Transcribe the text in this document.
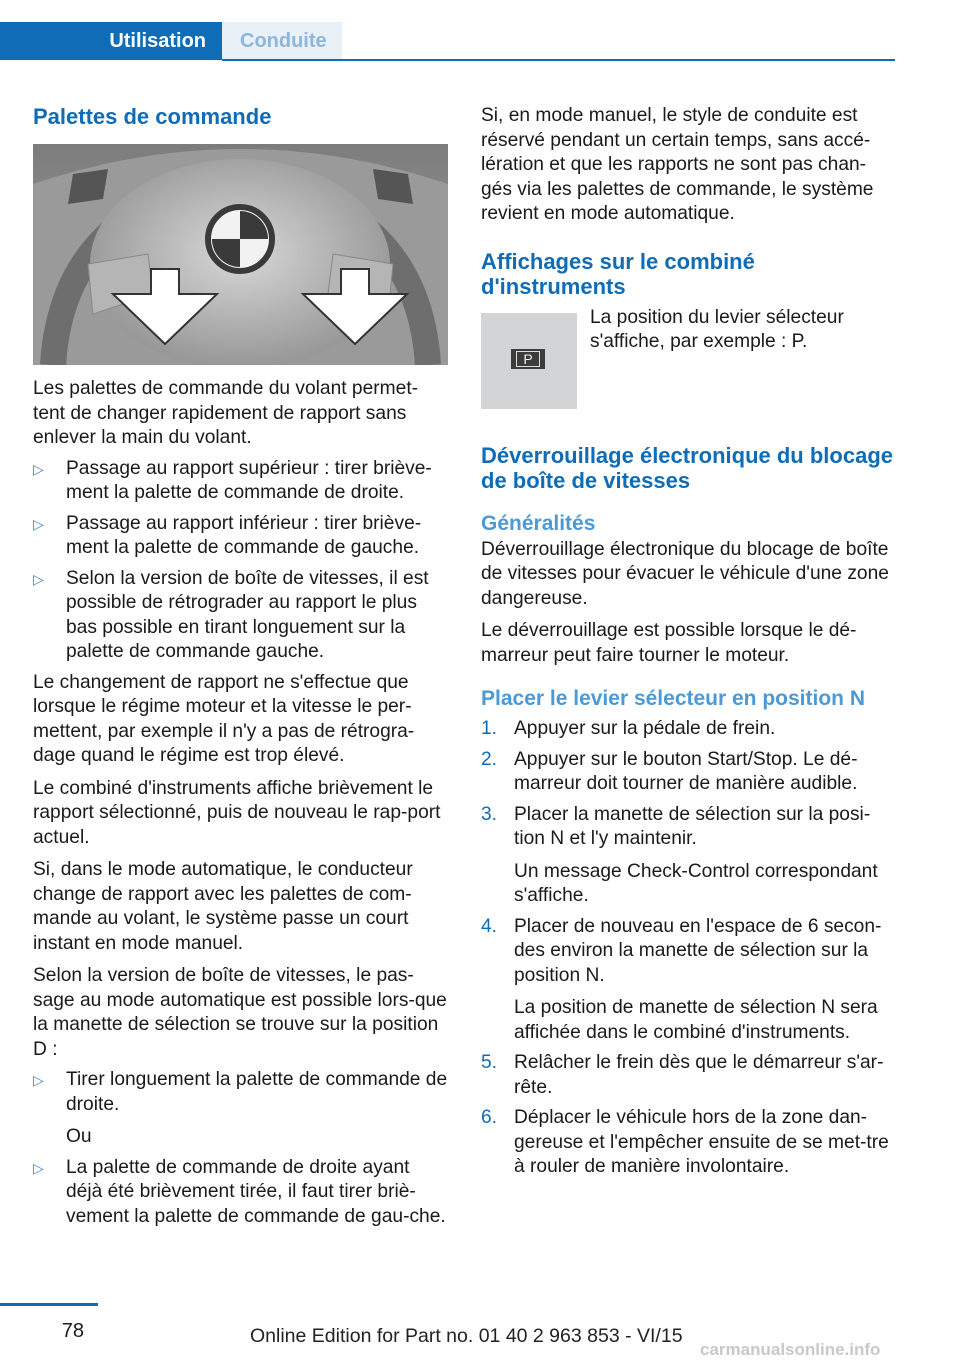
Utilisation	Conduite

Palettes de commande

Les palettes de commande du volant permet-tent de changer rapidement de rapport sans enlever la main du volant.

▷ Passage au rapport supérieur : tirer briève-ment la palette de commande de droite.
▷ Passage au rapport inférieur : tirer briève-ment la palette de commande de gauche.
▷ Selon la version de boîte de vitesses, il est possible de rétrograder au rapport le plus bas possible en tirant longuement sur la palette de commande gauche.

Le changement de rapport ne s'effectue que lorsque le régime moteur et la vitesse le per-mettent, par exemple il n'y a pas de rétrogra-dage quand le régime est trop élevé.

Le combiné d'instruments affiche brièvement le rapport sélectionné, puis de nouveau le rap-port actuel.

Si, dans le mode automatique, le conducteur change de rapport avec les palettes de com-mande au volant, le système passe un court instant en mode manuel.

Selon la version de boîte de vitesses, le pas-sage au mode automatique est possible lors-que la manette de sélection se trouve sur la position D :

▷ Tirer longuement la palette de commande de droite.

Ou

▷ La palette de commande de droite ayant déjà été brièvement tirée, il faut tirer briè-vement la palette de commande de gau-che.

Si, en mode manuel, le style de conduite est réservé pendant un certain temps, sans accé-lération et que les rapports ne sont pas chan-gés via les palettes de commande, le système revient en mode automatique.

Affichages sur le combiné d'instruments

P

La position du levier sélecteur s'affiche, par exemple : P.

Déverrouillage électronique du blocage de boîte de vitesses

Généralités

Déverrouillage électronique du blocage de boîte de vitesses pour évacuer le véhicule d'une zone dangereuse.

Le déverrouillage est possible lorsque le dé-marreur peut faire tourner le moteur.

Placer le levier sélecteur en position N

1. Appuyer sur la pédale de frein.
2. Appuyer sur le bouton Start/Stop. Le dé-marreur doit tourner de manière audible.
3. Placer la manette de sélection sur la posi-tion N et l'y maintenir.

Un message Check-Control correspondant s'affiche.

4. Placer de nouveau en l'espace de 6 secon-des environ la manette de sélection sur la position N.

La position de manette de sélection N sera affichée dans le combiné d'instruments.

5. Relâcher le frein dès que le démarreur s'ar-rête.
6. Déplacer le véhicule hors de la zone dan-gereuse et l'empêcher ensuite de se met-tre à rouler de manière involontaire.
78	Online Edition for Part no. 01 40 2 963 853 - VI/15
carmanualsonline.info
